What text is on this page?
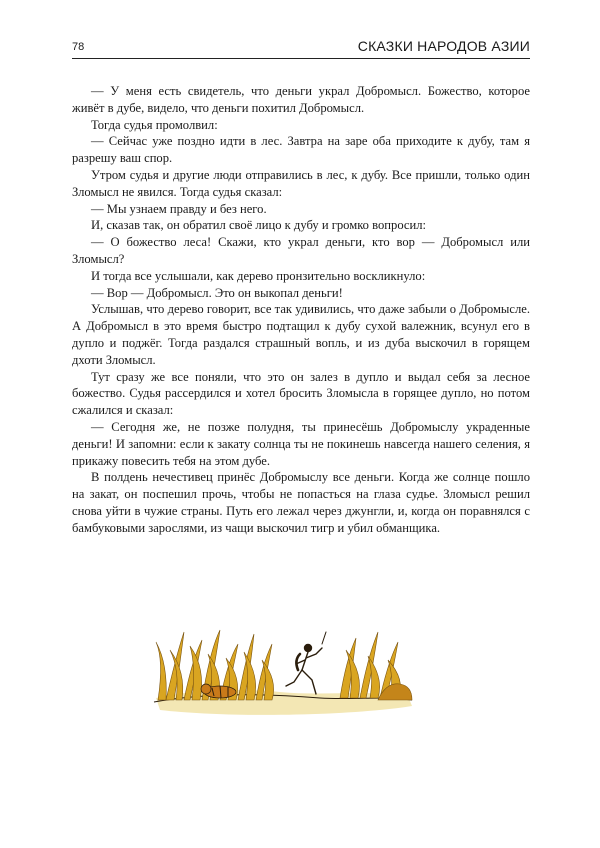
78	СКАЗКИ НАРОДОВ АЗИИ

— У меня есть свидетель, что деньги украл Добромысл. Божество, которое живёт в дубе, видело, что деньги похитил Добромысл.

Тогда судья промолвил:

— Сейчас уже поздно идти в лес. Завтра на заре оба приходите к дубу, там я разрешу ваш спор.

Утром судья и другие люди отправились в лес, к дубу. Все пришли, только один Зломысл не явился. Тогда судья сказал:

— Мы узнаем правду и без него.

И, сказав так, он обратил своё лицо к дубу и громко вопросил:

— О божество леса! Скажи, кто украл деньги, кто вор — Добромысл или Зломысл?

И тогда все услышали, как дерево пронзительно воскликнуло:

— Вор — Добромысл. Это он выкопал деньги!

Услышав, что дерево говорит, все так удивились, что даже забыли о Добромысле. А Добромысл в это время быстро подтащил к дубу сухой валежник, всунул его в дупло и поджёг. Тогда раздался страшный вопль, и из дуба выскочил в горящем дхоти Зломысл.

Тут сразу же все поняли, что это он залез в дупло и выдал себя за лесное божество. Судья рассердился и хотел бросить Зломысла в горящее дупло, но потом сжалился и сказал:

— Сегодня же, не позже полудня, ты принесёшь Добромыслу украденные деньги! И запомни: если к закату солнца ты не покинешь навсегда нашего селения, я прикажу повесить тебя на этом дубе.

В полдень нечестивец принёс Добромыслу все деньги. Когда же солнце пошло на закат, он поспешил прочь, чтобы не попасться на глаза судье. Зломысл решил снова уйти в чужие страны. Путь его лежал через джунгли, и, когда он поравнялся с бамбуковыми зарослями, из чащи выскочил тигр и убил обманщика.
